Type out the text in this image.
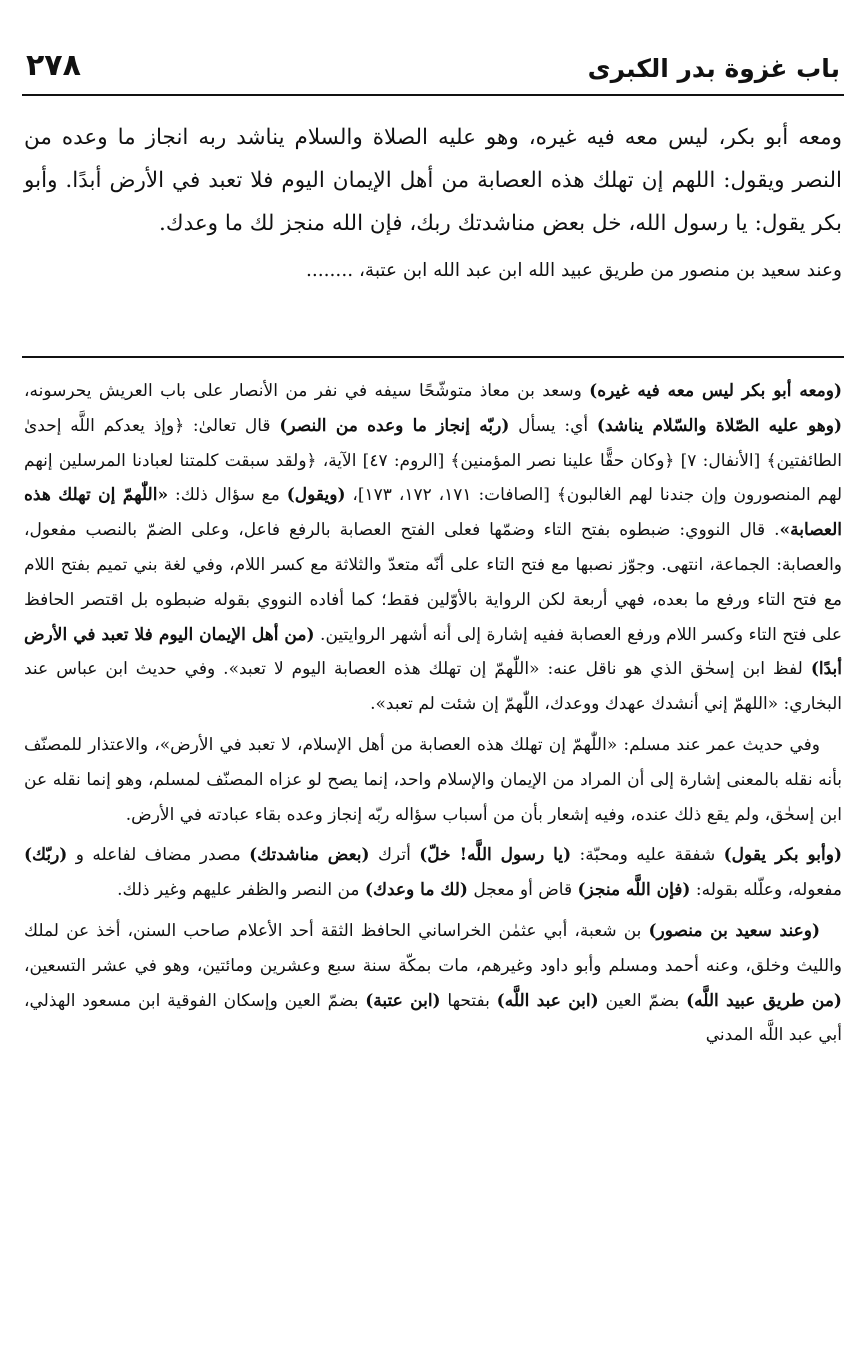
٢٧٨	باب غزوة بدر الكبرى

ومعه أبو بكر، ليس معه فيه غيره، وهو عليه الصلاة والسلام يناشد ربه انجاز ما وعده من النصر ويقول: اللهم إن تهلك هذه العصابة من أهل الإيمان اليوم فلا تعبد في الأرض أبدًا. وأبو بكر يقول: يا رسول الله، خل بعض مناشدتك ربك، فإن الله منجز لك ما وعدك.

وعند سعيد بن منصور من طريق عبيد الله ابن عبد الله ابن عتبة، ........

(ومعه أبو بكر ليس معه فيه غيره) وسعد بن معاذ متوشّحًا سيفه في نفر من الأنصار على باب العريش يحرسونه، (وهو عليه الصّلاة والسّلام يناشد) أي: يسأل (ربّه إنجاز ما وعده من النصر) قال تعالىٰ: ﴿وإذ يعدكم اللَّه إحدىٰ الطائفتين﴾ [الأنفال: ٧] ﴿وكان حقًّا علينا نصر المؤمنين﴾ [الروم: ٤٧] الآية، ﴿ولقد سبقت كلمتنا لعبادنا المرسلين إنهم لهم المنصورون وإن جندنا لهم الغالبون﴾ [الصافات: ١٧١، ١٧٢، ١٧٣]، (ويقول) مع سؤال ذلك: «اللّٰهمّ إن تهلك هذه العصابة». قال النووي: ضبطوه بفتح التاء وضمّها فعلى الفتح العصابة بالرفع فاعل، وعلى الضمّ بالنصب مفعول، والعصابة: الجماعة، انتهى. وجوّز نصبها مع فتح التاء على أنّه متعدّ والثلاثة مع كسر اللام، وفي لغة بني تميم بفتح اللام مع فتح التاء ورفع ما بعده، فهي أربعة لكن الرواية بالأوّلين فقط؛ كما أفاده النووي بقوله ضبطوه بل اقتصر الحافظ على فتح التاء وكسر اللام ورفع العصابة ففيه إشارة إلى أنه أشهر الروايتين. (من أهل الإيمان اليوم فلا تعبد في الأرض أبدًا) لفظ ابن إسحٰق الذي هو ناقل عنه: «اللّٰهمّ إن تهلك هذه العصابة اليوم لا تعبد». وفي حديث ابن عباس عند البخاري: «اللهمّ إني أنشدك عهدك ووعدك، اللّٰهمّ إن شئت لم تعبد».

وفي حديث عمر عند مسلم: «اللّٰهمّ إن تهلك هذه العصابة من أهل الإسلام، لا تعبد في الأرض»، والاعتذار للمصنّف بأنه نقله بالمعنى إشارة إلى أن المراد من الإيمان والإسلام واحد، إنما يصح لو عزاه المصنّف لمسلم، وهو إنما نقله عن ابن إسحٰق، ولم يقع ذلك عنده، وفيه إشعار بأن من أسباب سؤاله ربّه إنجاز وعده بقاء عبادته في الأرض.

(وأبو بكر يقول) شفقة عليه ومحبّة: (يا رسول اللَّه! خلّ) أترك (بعض مناشدتك) مصدر مضاف لفاعله و (ربّك) مفعوله، وعلّله بقوله: (فإن اللَّه منجز) قاض أو معجل (لك ما وعدك) من النصر والظفر عليهم وغير ذلك.

(وعند سعيد بن منصور) بن شعبة، أبي عثمٰن الخراساني الحافظ الثقة أحد الأعلام صاحب السنن، أخذ عن لملك والليث وخلق، وعنه أحمد ومسلم وأبو داود وغيرهم، مات بمكّة سنة سبع وعشرين ومائتين، وهو في عشر التسعين، (من طريق عبيد اللَّه) بضمّ العين (ابن عبد اللَّه) بفتحها (ابن عتبة) بضمّ العين وإسكان الفوقية ابن مسعود الهذلي، أبي عبد اللَّه المدني
